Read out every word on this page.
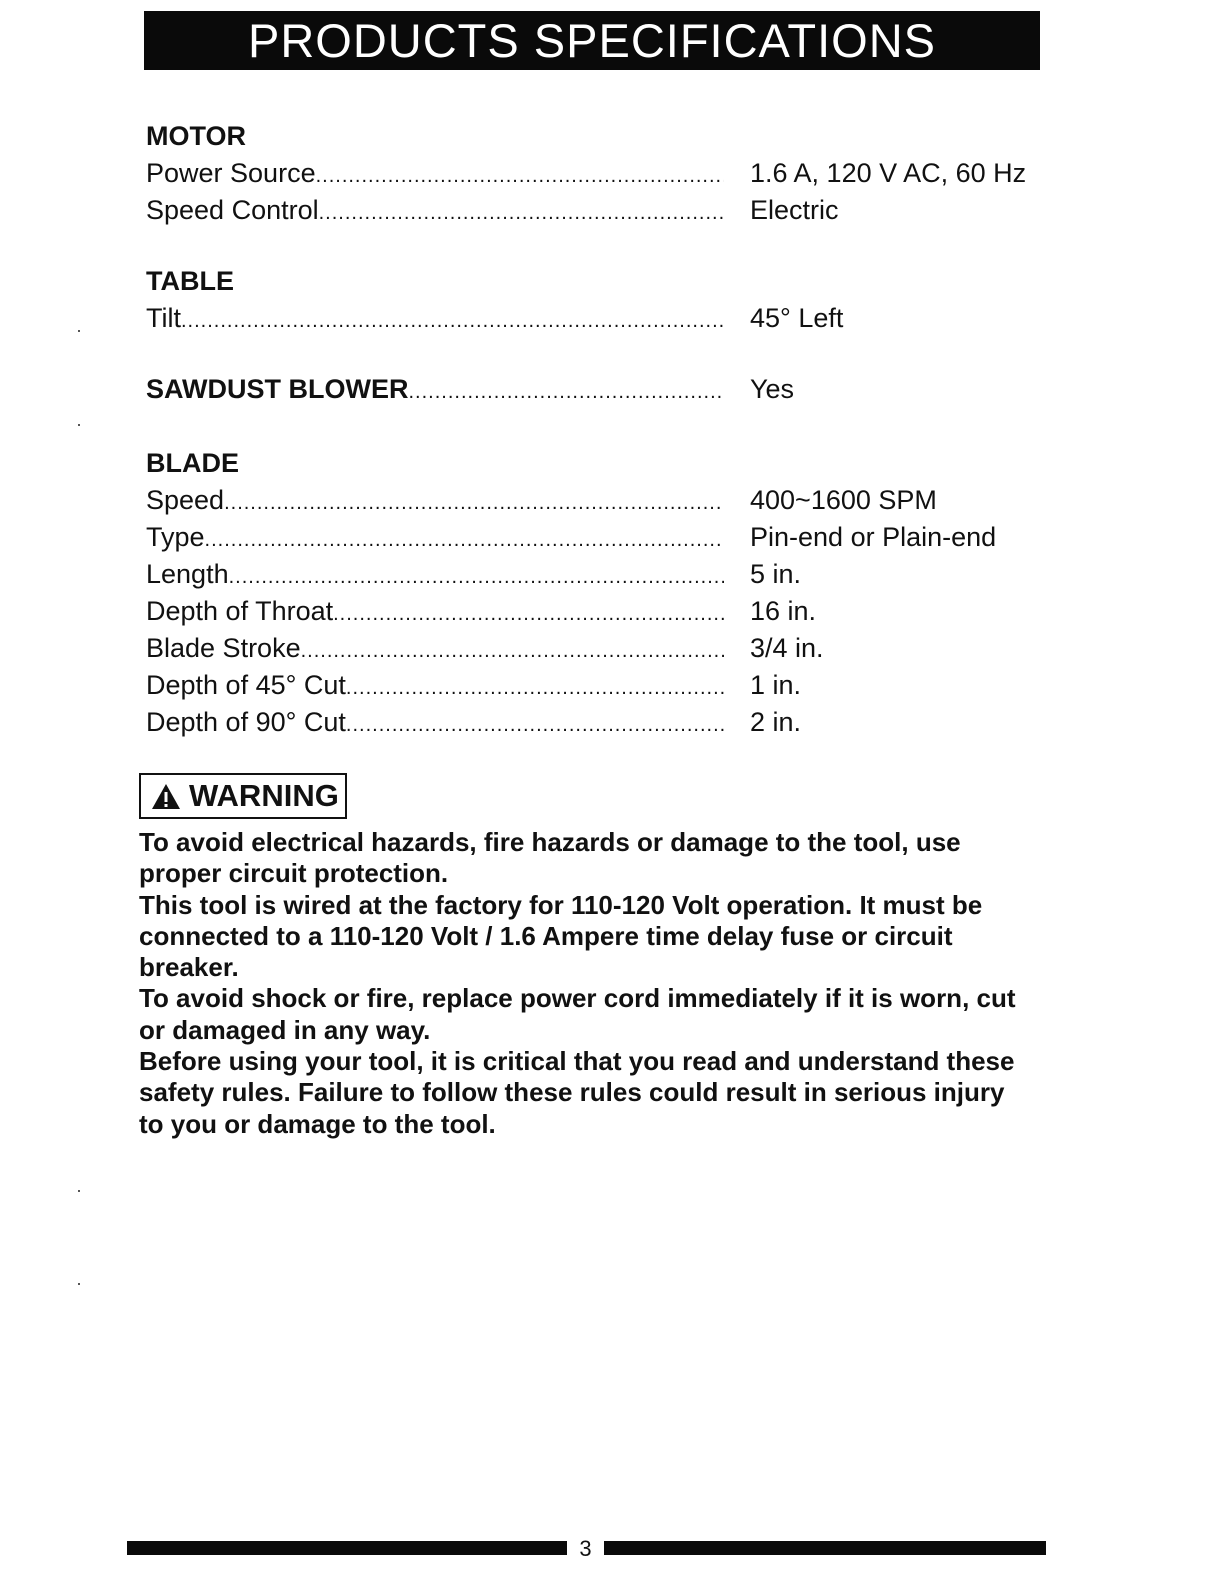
PRODUCTS SPECIFICATIONS
MOTOR
Power Source .....	1.6 A, 120 V AC, 60 Hz
Speed Control .....	Electric
TABLE
Tilt .....	45° Left
SAWDUST BLOWER .....	Yes
BLADE
Speed .....	400~1600 SPM
Type .....	Pin-end or Plain-end
Length .....	5 in.
Depth of Throat .....	16 in.
Blade Stroke .....	3/4 in.
Depth of 45° Cut .....	1 in.
Depth of 90° Cut .....	2 in.
WARNING

To avoid electrical hazards, fire hazards or damage to the tool, use proper circuit protection.

This tool is wired at the factory for 110-120 Volt operation. It must be connected to a 110-120 Volt / 1.6 Ampere time delay fuse or circuit breaker.

To avoid shock or fire, replace power cord immediately if it is worn, cut or damaged in any way.

Before using your tool, it is critical that you read and understand these safety rules. Failure to follow these rules could result in serious injury to you or damage to the tool.

3
